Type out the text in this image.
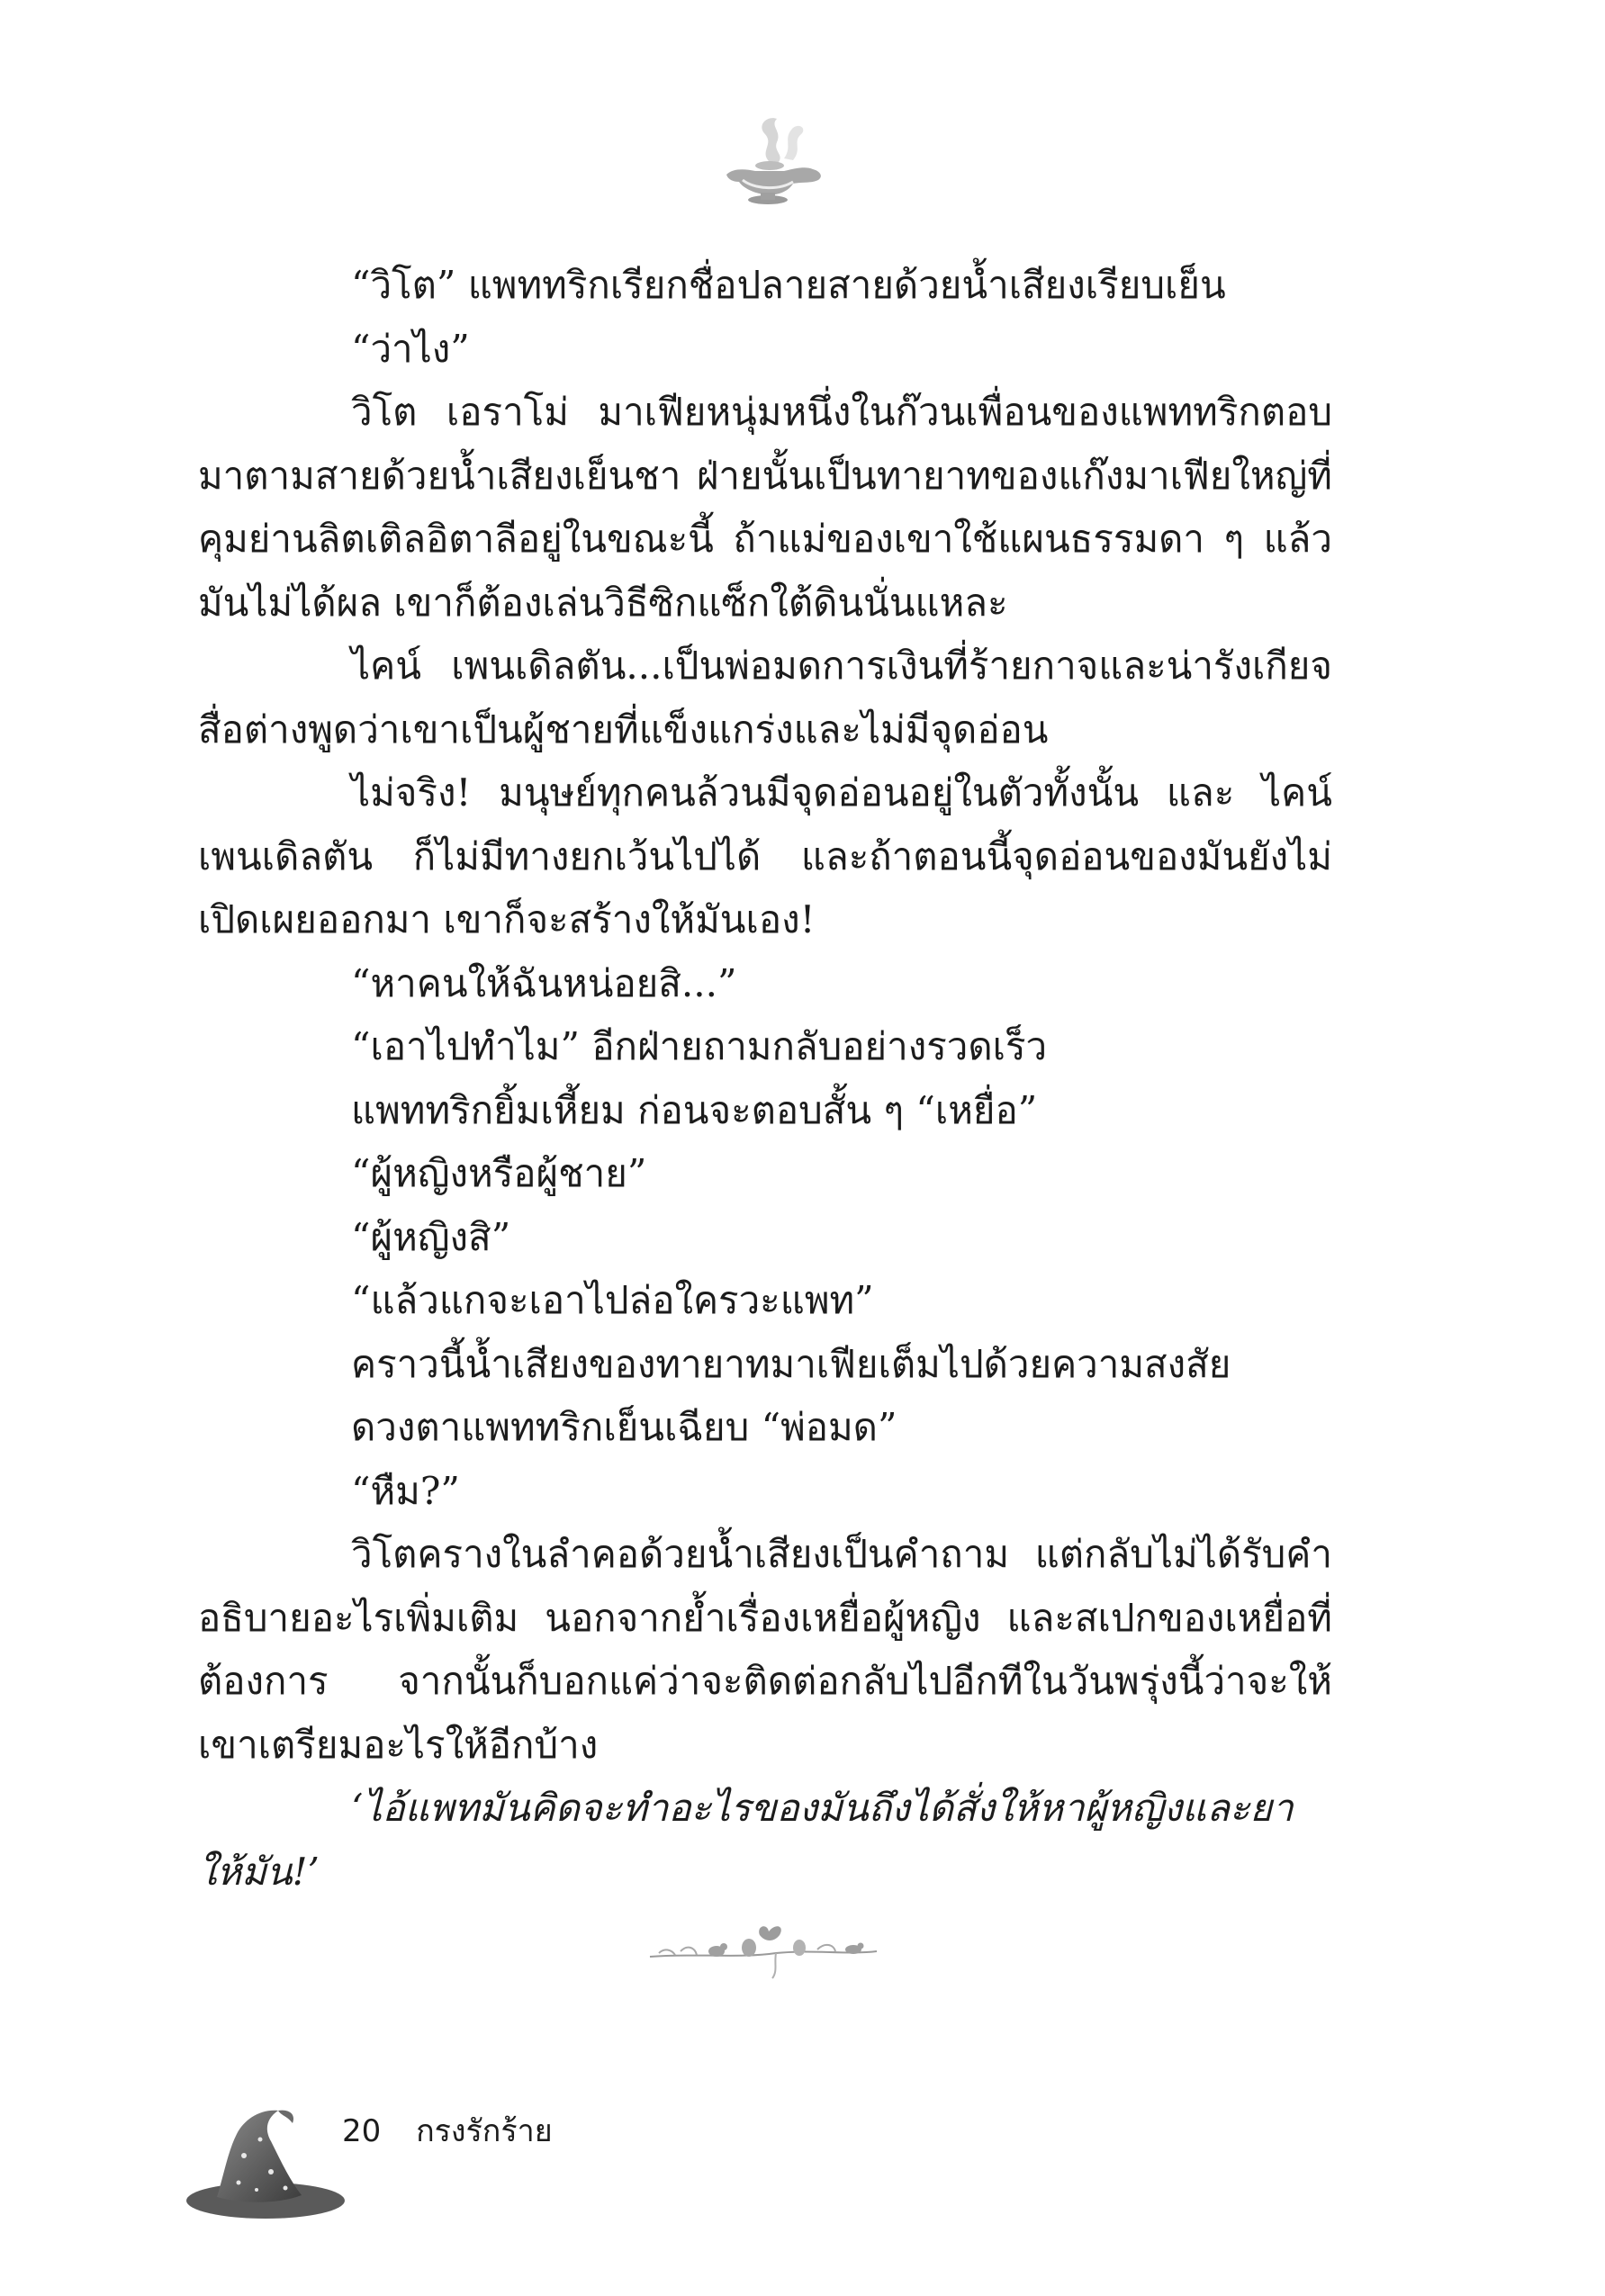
“วิโต” แพททริกเรียกชื่อปลายสายด้วยน้ำเสียงเรียบเย็น

“ว่าไง”

วิโต เอราโม่ มาเฟียหนุ่มหนึ่งในก๊วนเพื่อนของแพททริกตอบมาตามสายด้วยน้ำเสียงเย็นชา ฝ่ายนั้นเป็นทายาทของแก๊งมาเฟียใหญ่ที่คุมย่านลิตเติลอิตาลีอยู่ในขณะนี้ ถ้าแม่ของเขาใช้แผนธรรมดา ๆ แล้วมันไม่ได้ผล เขาก็ต้องเล่นวิธีซิกแซ็กใต้ดินนั่นแหละ

ไคน์ เพนเดิลตัน...เป็นพ่อมดการเงินที่ร้ายกาจและน่ารังเกียจ สื่อต่างพูดว่าเขาเป็นผู้ชายที่แข็งแกร่งและไม่มีจุดอ่อน

ไม่จริง! มนุษย์ทุกคนล้วนมีจุดอ่อนอยู่ในตัวทั้งนั้น และ ไคน์ เพนเดิลตัน ก็ไม่มีทางยกเว้นไปได้ และถ้าตอนนี้จุดอ่อนของมันยังไม่เปิดเผยออกมา เขาก็จะสร้างให้มันเอง!

“หาคนให้ฉันหน่อยสิ...”

“เอาไปทำไม” อีกฝ่ายถามกลับอย่างรวดเร็ว

แพททริกยิ้มเหี้ยม ก่อนจะตอบสั้น ๆ “เหยื่อ”

“ผู้หญิงหรือผู้ชาย”

“ผู้หญิงสิ”

“แล้วแกจะเอาไปล่อใครวะแพท”

คราวนี้น้ำเสียงของทายาทมาเฟียเต็มไปด้วยความสงสัย

ดวงตาแพททริกเย็นเฉียบ “พ่อมด”

“หืม?”

วิโตครางในลำคอด้วยน้ำเสียงเป็นคำถาม แต่กลับไม่ได้รับคำอธิบายอะไรเพิ่มเติม นอกจากย้ำเรื่องเหยื่อผู้หญิง และสเปกของเหยื่อที่ต้องการ จากนั้นก็บอกแค่ว่าจะติดต่อกลับไปอีกทีในวันพรุ่งนี้ว่าจะให้เขาเตรียมอะไรให้อีกบ้าง

‘ไอ้แพทมันคิดจะทำอะไรของมันถึงได้สั่งให้หาผู้หญิงและยาให้มัน!’

20 กรงรักร้าย
